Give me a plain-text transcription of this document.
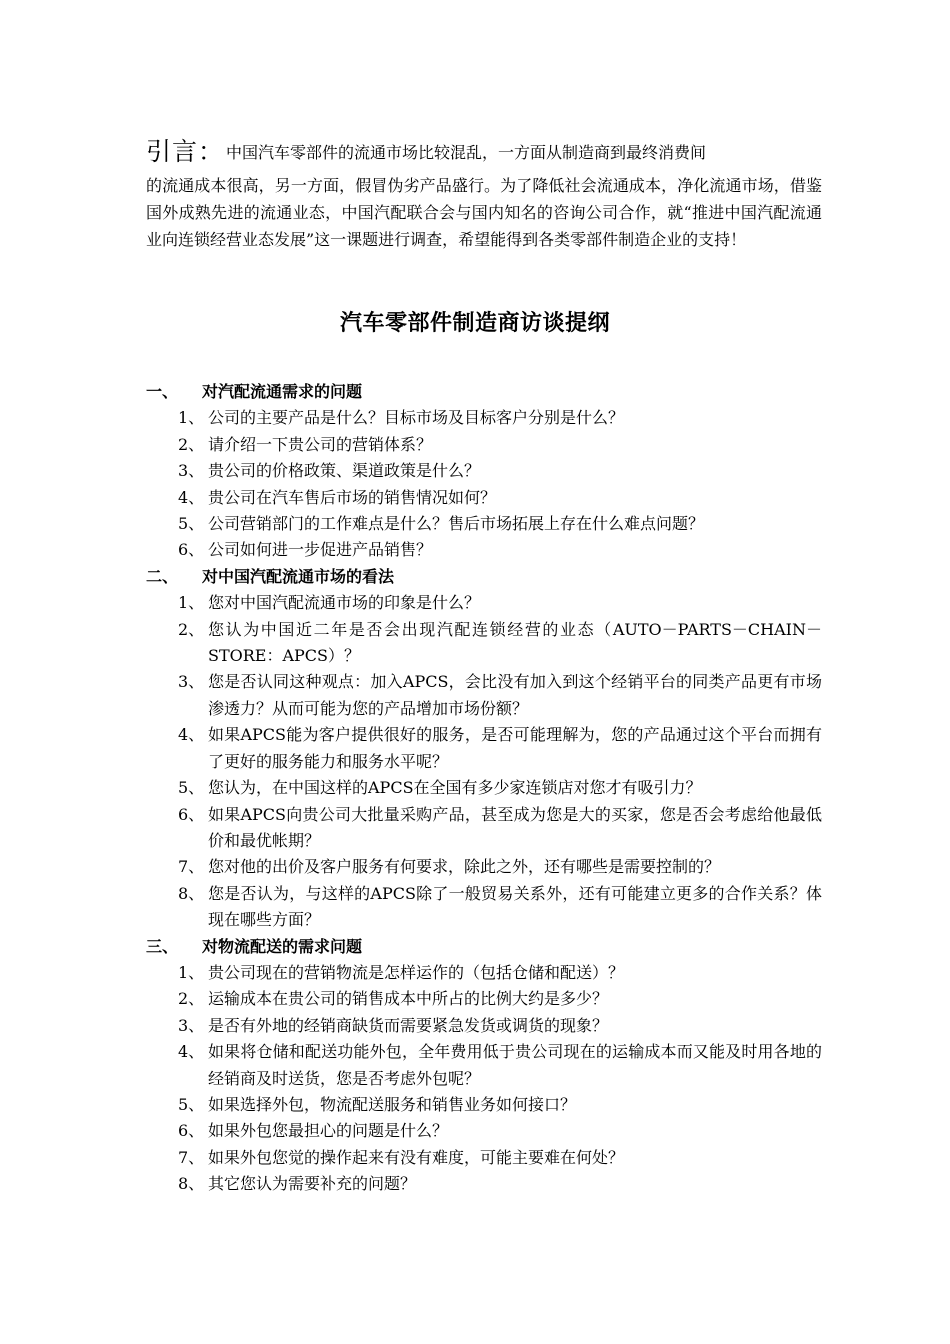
引言： 中国汽车零部件的流通市场比较混乱，一方面从制造商到最终消费间
的流通成本很高，另一方面，假冒伪劣产品盛行。为了降低社会流通成本，净化流通市场，借鉴国外成熟先进的流通业态，中国汽配联合会与国内知名的咨询公司合作，就“推进中国汽配流通业向连锁经营业态发展”这一课题进行调查，希望能得到各类零部件制造企业的支持！
汽车零部件制造商访谈提纲
一、	对汽配流通需求的问题
1、 公司的主要产品是什么？目标市场及目标客户分别是什么？
2、 请介绍一下贵公司的营销体系？
3、 贵公司的价格政策、渠道政策是什么？
4、 贵公司在汽车售后市场的销售情况如何？
5、 公司营销部门的工作难点是什么？售后市场拓展上存在什么难点问题？
6、 公司如何进一步促进产品销售？
二、	对中国汽配流通市场的看法
1、 您对中国汽配流通市场的印象是什么？
2、 您认为中国近二年是否会出现汽配连锁经营的业态（AUTO－PARTS－CHAIN－STORE：APCS）？
3、 您是否认同这种观点：加入APCS，会比没有加入到这个经销平台的同类产品更有市场渗透力？从而可能为您的产品增加市场份额？
4、 如果APCS能为客户提供很好的服务，是否可能理解为，您的产品通过这个平台而拥有了更好的服务能力和服务水平呢？
5、 您认为，在中国这样的APCS在全国有多少家连锁店对您才有吸引力？
6、 如果APCS向贵公司大批量采购产品，甚至成为您是大的买家，您是否会考虑给他最低价和最优帐期？
7、 您对他的出价及客户服务有何要求，除此之外，还有哪些是需要控制的？
8、 您是否认为，与这样的APCS除了一般贸易关系外，还有可能建立更多的合作关系？体现在哪些方面？
三、	对物流配送的需求问题
1、 贵公司现在的营销物流是怎样运作的（包括仓储和配送）？
2、 运输成本在贵公司的销售成本中所占的比例大约是多少？
3、 是否有外地的经销商缺货而需要紧急发货或调货的现象？
4、 如果将仓储和配送功能外包，全年费用低于贵公司现在的运输成本而又能及时用各地的经销商及时送货，您是否考虑外包呢？
5、 如果选择外包，物流配送服务和销售业务如何接口？
6、 如果外包您最担心的问题是什么？
7、 如果外包您觉的操作起来有没有难度，可能主要难在何处？
8、 其它您认为需要补充的问题？
